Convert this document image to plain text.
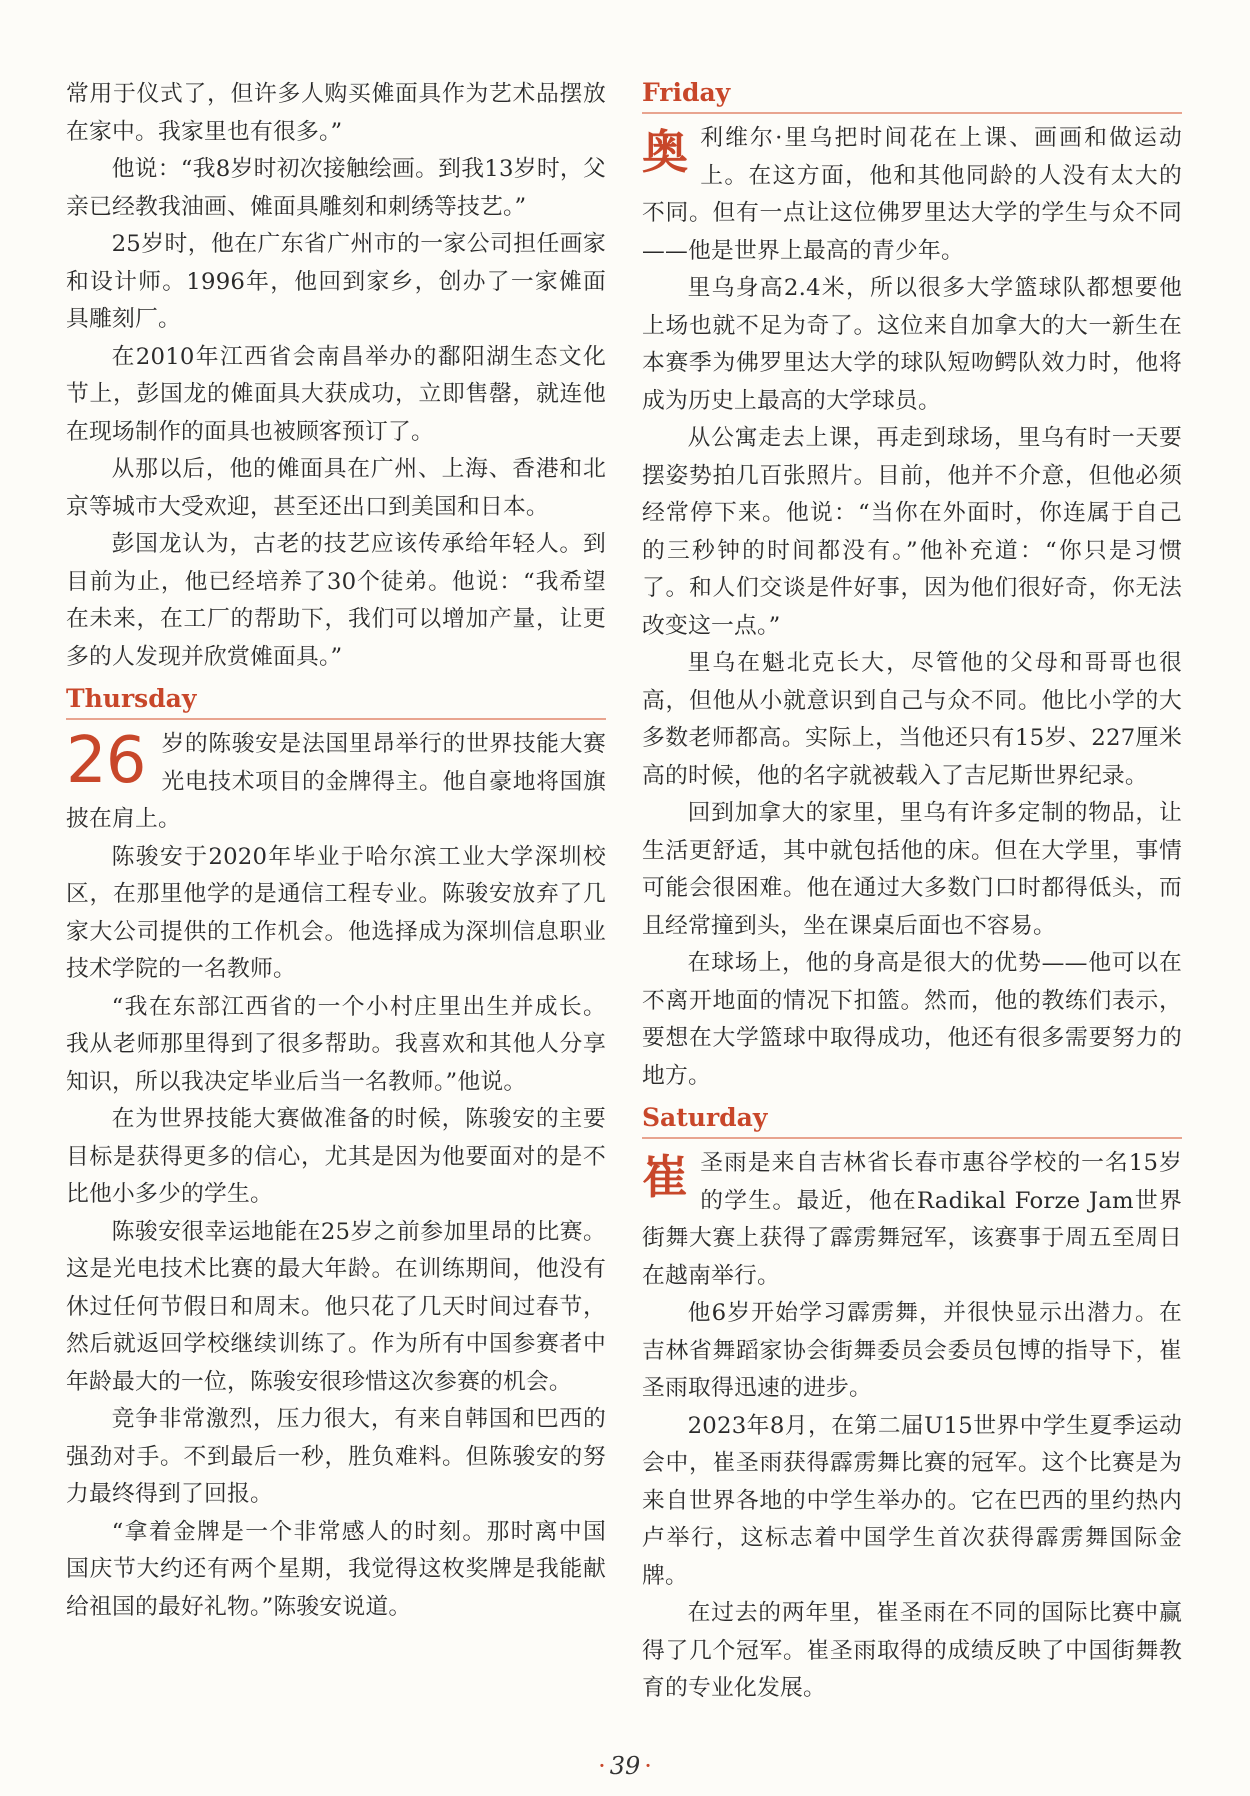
常用于仪式了，但许多人购买傩面具作为艺术品摆放在家中。我家里也有很多。”

他说：“我8岁时初次接触绘画。到我13岁时，父亲已经教我油画、傩面具雕刻和刺绣等技艺。”

25岁时，他在广东省广州市的一家公司担任画家和设计师。1996年，他回到家乡，创办了一家傩面具雕刻厂。

在2010年江西省会南昌举办的鄱阳湖生态文化节上，彭国龙的傩面具大获成功，立即售罄，就连他在现场制作的面具也被顾客预订了。

从那以后，他的傩面具在广州、上海、香港和北京等城市大受欢迎，甚至还出口到美国和日本。

彭国龙认为，古老的技艺应该传承给年轻人。到目前为止，他已经培养了30个徒弟。他说：“我希望在未来，在工厂的帮助下，我们可以增加产量，让更多的人发现并欣赏傩面具。”

Thursday

26 岁的陈骏安是法国里昂举行的世界技能大赛光电技术项目的金牌得主。他自豪地将国旗披在肩上。

陈骏安于2020年毕业于哈尔滨工业大学深圳校区，在那里他学的是通信工程专业。陈骏安放弃了几家大公司提供的工作机会。他选择成为深圳信息职业技术学院的一名教师。

“我在东部江西省的一个小村庄里出生并成长。我从老师那里得到了很多帮助。我喜欢和其他人分享知识，所以我决定毕业后当一名教师。”他说。

在为世界技能大赛做准备的时候，陈骏安的主要目标是获得更多的信心，尤其是因为他要面对的是不比他小多少的学生。

陈骏安很幸运地能在25岁之前参加里昂的比赛。这是光电技术比赛的最大年龄。在训练期间，他没有休过任何节假日和周末。他只花了几天时间过春节，然后就返回学校继续训练了。作为所有中国参赛者中年龄最大的一位，陈骏安很珍惜这次参赛的机会。

竞争非常激烈，压力很大，有来自韩国和巴西的强劲对手。不到最后一秒，胜负难料。但陈骏安的努力最终得到了回报。

“拿着金牌是一个非常感人的时刻。那时离中国国庆节大约还有两个星期，我觉得这枚奖牌是我能献给祖国的最好礼物。”陈骏安说道。

Friday

奥利维尔·里乌把时间花在上课、画画和做运动上。在这方面，他和其他同龄的人没有太大的不同。但有一点让这位佛罗里达大学的学生与众不同——他是世界上最高的青少年。

里乌身高2.4米，所以很多大学篮球队都想要他上场也就不足为奇了。这位来自加拿大的大一新生在本赛季为佛罗里达大学的球队短吻鳄队效力时，他将成为历史上最高的大学球员。

从公寓走去上课，再走到球场，里乌有时一天要摆姿势拍几百张照片。目前，他并不介意，但他必须经常停下来。他说：“当你在外面时，你连属于自己的三秒钟的时间都没有。”他补充道：“你只是习惯了。和人们交谈是件好事，因为他们很好奇，你无法改变这一点。”

里乌在魁北克长大，尽管他的父母和哥哥也很高，但他从小就意识到自己与众不同。他比小学的大多数老师都高。实际上，当他还只有15岁、227厘米高的时候，他的名字就被载入了吉尼斯世界纪录。

回到加拿大的家里，里乌有许多定制的物品，让生活更舒适，其中就包括他的床。但在大学里，事情可能会很困难。他在通过大多数门口时都得低头，而且经常撞到头，坐在课桌后面也不容易。

在球场上，他的身高是很大的优势——他可以在不离开地面的情况下扣篮。然而，他的教练们表示，要想在大学篮球中取得成功，他还有很多需要努力的地方。

Saturday

崔圣雨是来自吉林省长春市惠谷学校的一名15岁的学生。最近，他在Radikal Forze Jam世界街舞大赛上获得了霹雳舞冠军，该赛事于周五至周日在越南举行。

他6岁开始学习霹雳舞，并很快显示出潜力。在吉林省舞蹈家协会街舞委员会委员包博的指导下，崔圣雨取得迅速的进步。

2023年8月，在第二届U15世界中学生夏季运动会中，崔圣雨获得霹雳舞比赛的冠军。这个比赛是为来自世界各地的中学生举办的。它在巴西的里约热内卢举行，这标志着中国学生首次获得霹雳舞国际金牌。

在过去的两年里，崔圣雨在不同的国际比赛中赢得了几个冠军。崔圣雨取得的成绩反映了中国街舞教育的专业化发展。

· 39 ·
